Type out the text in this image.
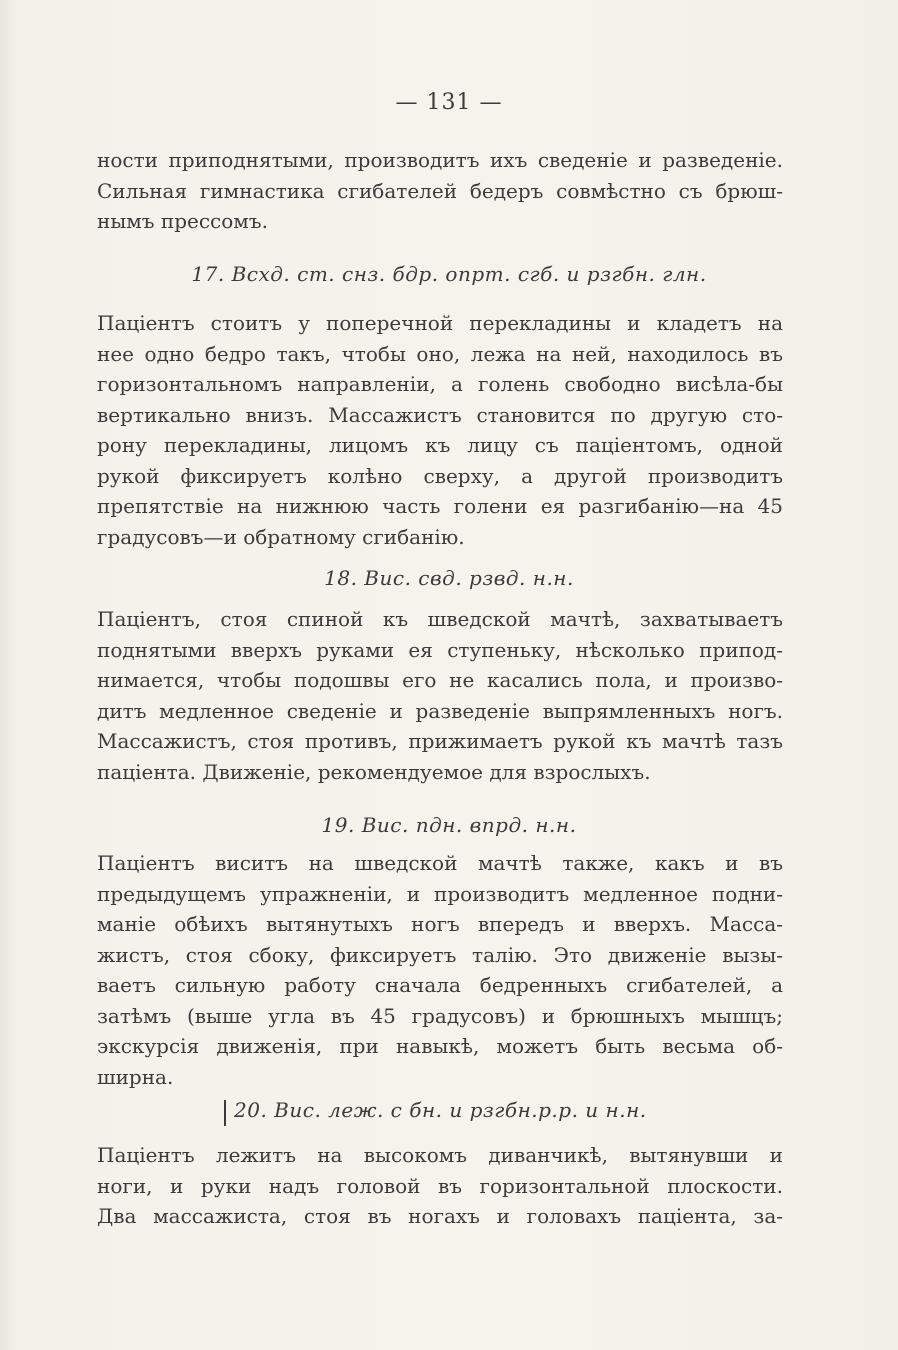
— 131 —
ности приподнятыми, производитъ ихъ сведеніе и разведеніе.
Сильная гимнастика сгибателей бедеръ совмѣстно съ брюш-
нымъ прессомъ.
17. Всхд. ст. снз. бдр. опрт. сгб. и рзгбн. глн.
Паціентъ стоитъ у поперечной перекладины и кладетъ на
нее одно бедро такъ, чтобы оно, лежа на ней, находилось въ
горизонтальномъ направленіи, а голень свободно висѣла-бы
вертикально внизъ. Массажистъ становится по другую сто-
рону перекладины, лицомъ къ лицу съ паціентомъ, одной
рукой фиксируетъ колѣно сверху, а другой производитъ
препятствіе на нижнюю часть голени ея разгибанію—на 45
градусовъ—и обратному сгибанію.
18. Вис. свд. рзвд. н.н.
Паціентъ, стоя спиной къ шведской мачтѣ, захватываетъ
поднятыми вверхъ руками ея ступеньку, нѣсколько припод-
нимается, чтобы подошвы его не касались пола, и произво-
дитъ медленное сведеніе и разведеніе выпрямленныхъ ногъ.
Массажистъ, стоя противъ, прижимаетъ рукой къ мачтѣ тазъ
паціента. Движеніе, рекомендуемое для взрослыхъ.
19. Вис. пдн. впрд. н.н.
Паціентъ виситъ на шведской мачтѣ также, какъ и въ
предыдущемъ упражненіи, и производитъ медленное подни-
маніе обѣихъ вытянутыхъ ногъ впередъ и вверхъ. Масса-
жистъ, стоя сбоку, фиксируетъ талію. Это движеніе вызы-
ваетъ сильную работу сначала бедренныхъ сгибателей, а
затѣмъ (выше угла въ 45 градусовъ) и брюшныхъ мышцъ;
экскурсія движенія, при навыкѣ, можетъ быть весьма об-
ширна.
20. Вис. леж. с бн. и рзгбн.р.р. и н.н.
Паціентъ лежитъ на высокомъ диванчикѣ, вытянувши и
ноги, и руки надъ головой въ горизонтальной плоскости.
Два массажиста, стоя въ ногахъ и головахъ паціента, за-
